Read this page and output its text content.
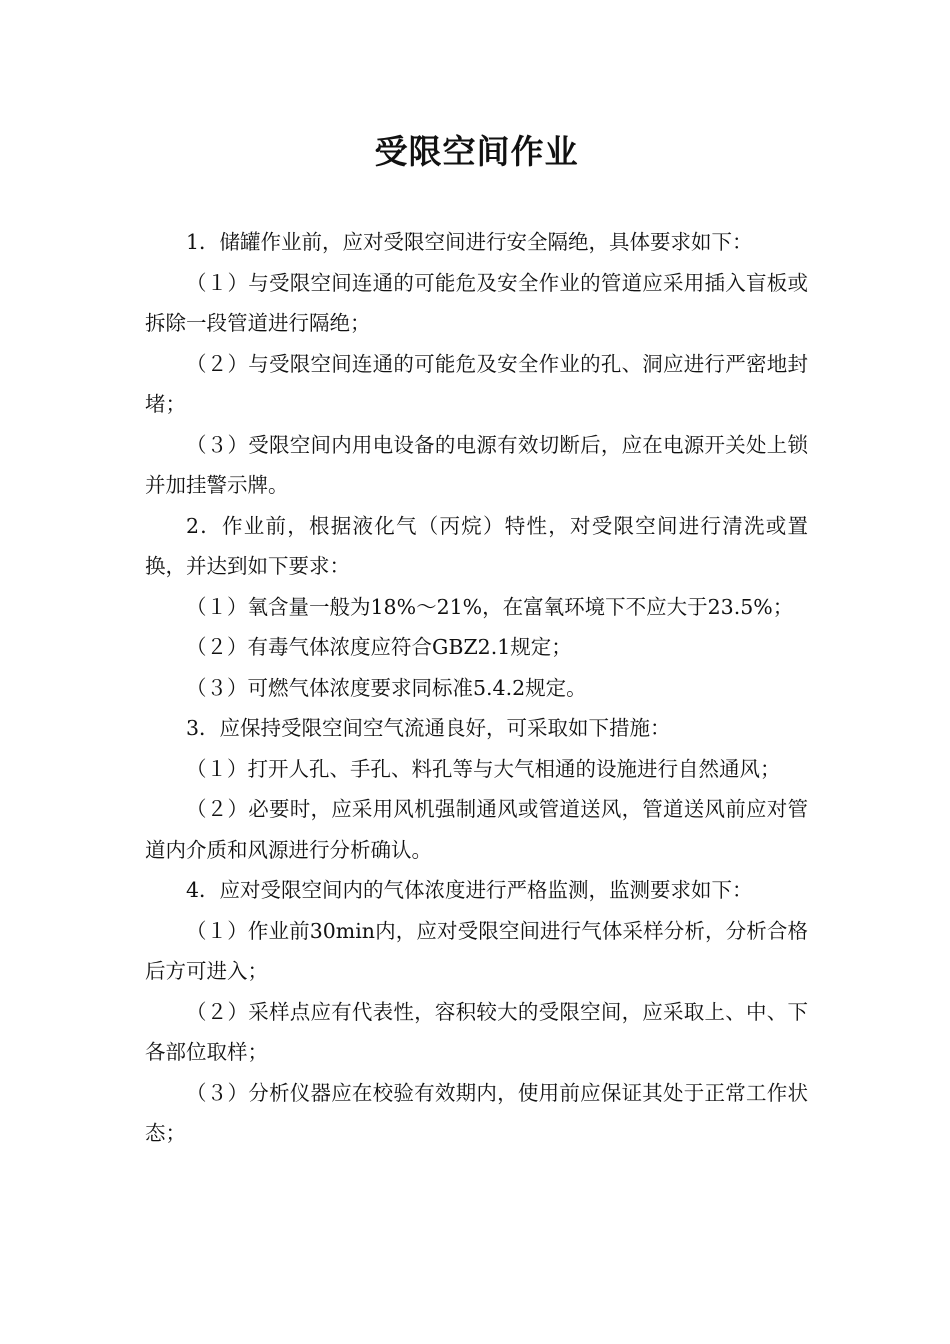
受限空间作业

1．储罐作业前，应对受限空间进行安全隔绝，具体要求如下：

（１）与受限空间连通的可能危及安全作业的管道应采用插入盲板或拆除一段管道进行隔绝；

（２）与受限空间连通的可能危及安全作业的孔、洞应进行严密地封堵；

（３）受限空间内用电设备的电源有效切断后，应在电源开关处上锁并加挂警示牌。

2．作业前，根据液化气（丙烷）特性，对受限空间进行清洗或置换，并达到如下要求：

（１）氧含量一般为18%～21%，在富氧环境下不应大于23.5%；

（２）有毒气体浓度应符合GBZ2.1规定；

（３）可燃气体浓度要求同标准5.4.2规定。

3．应保持受限空间空气流通良好，可采取如下措施：

（１）打开人孔、手孔、料孔等与大气相通的设施进行自然通风；

（２）必要时，应采用风机强制通风或管道送风，管道送风前应对管道内介质和风源进行分析确认。

4．应对受限空间内的气体浓度进行严格监测，监测要求如下：

（１）作业前30min内，应对受限空间进行气体采样分析，分析合格后方可进入；

（２）采样点应有代表性，容积较大的受限空间，应采取上、中、下各部位取样；

（３）分析仪器应在校验有效期内，使用前应保证其处于正常工作状态；
